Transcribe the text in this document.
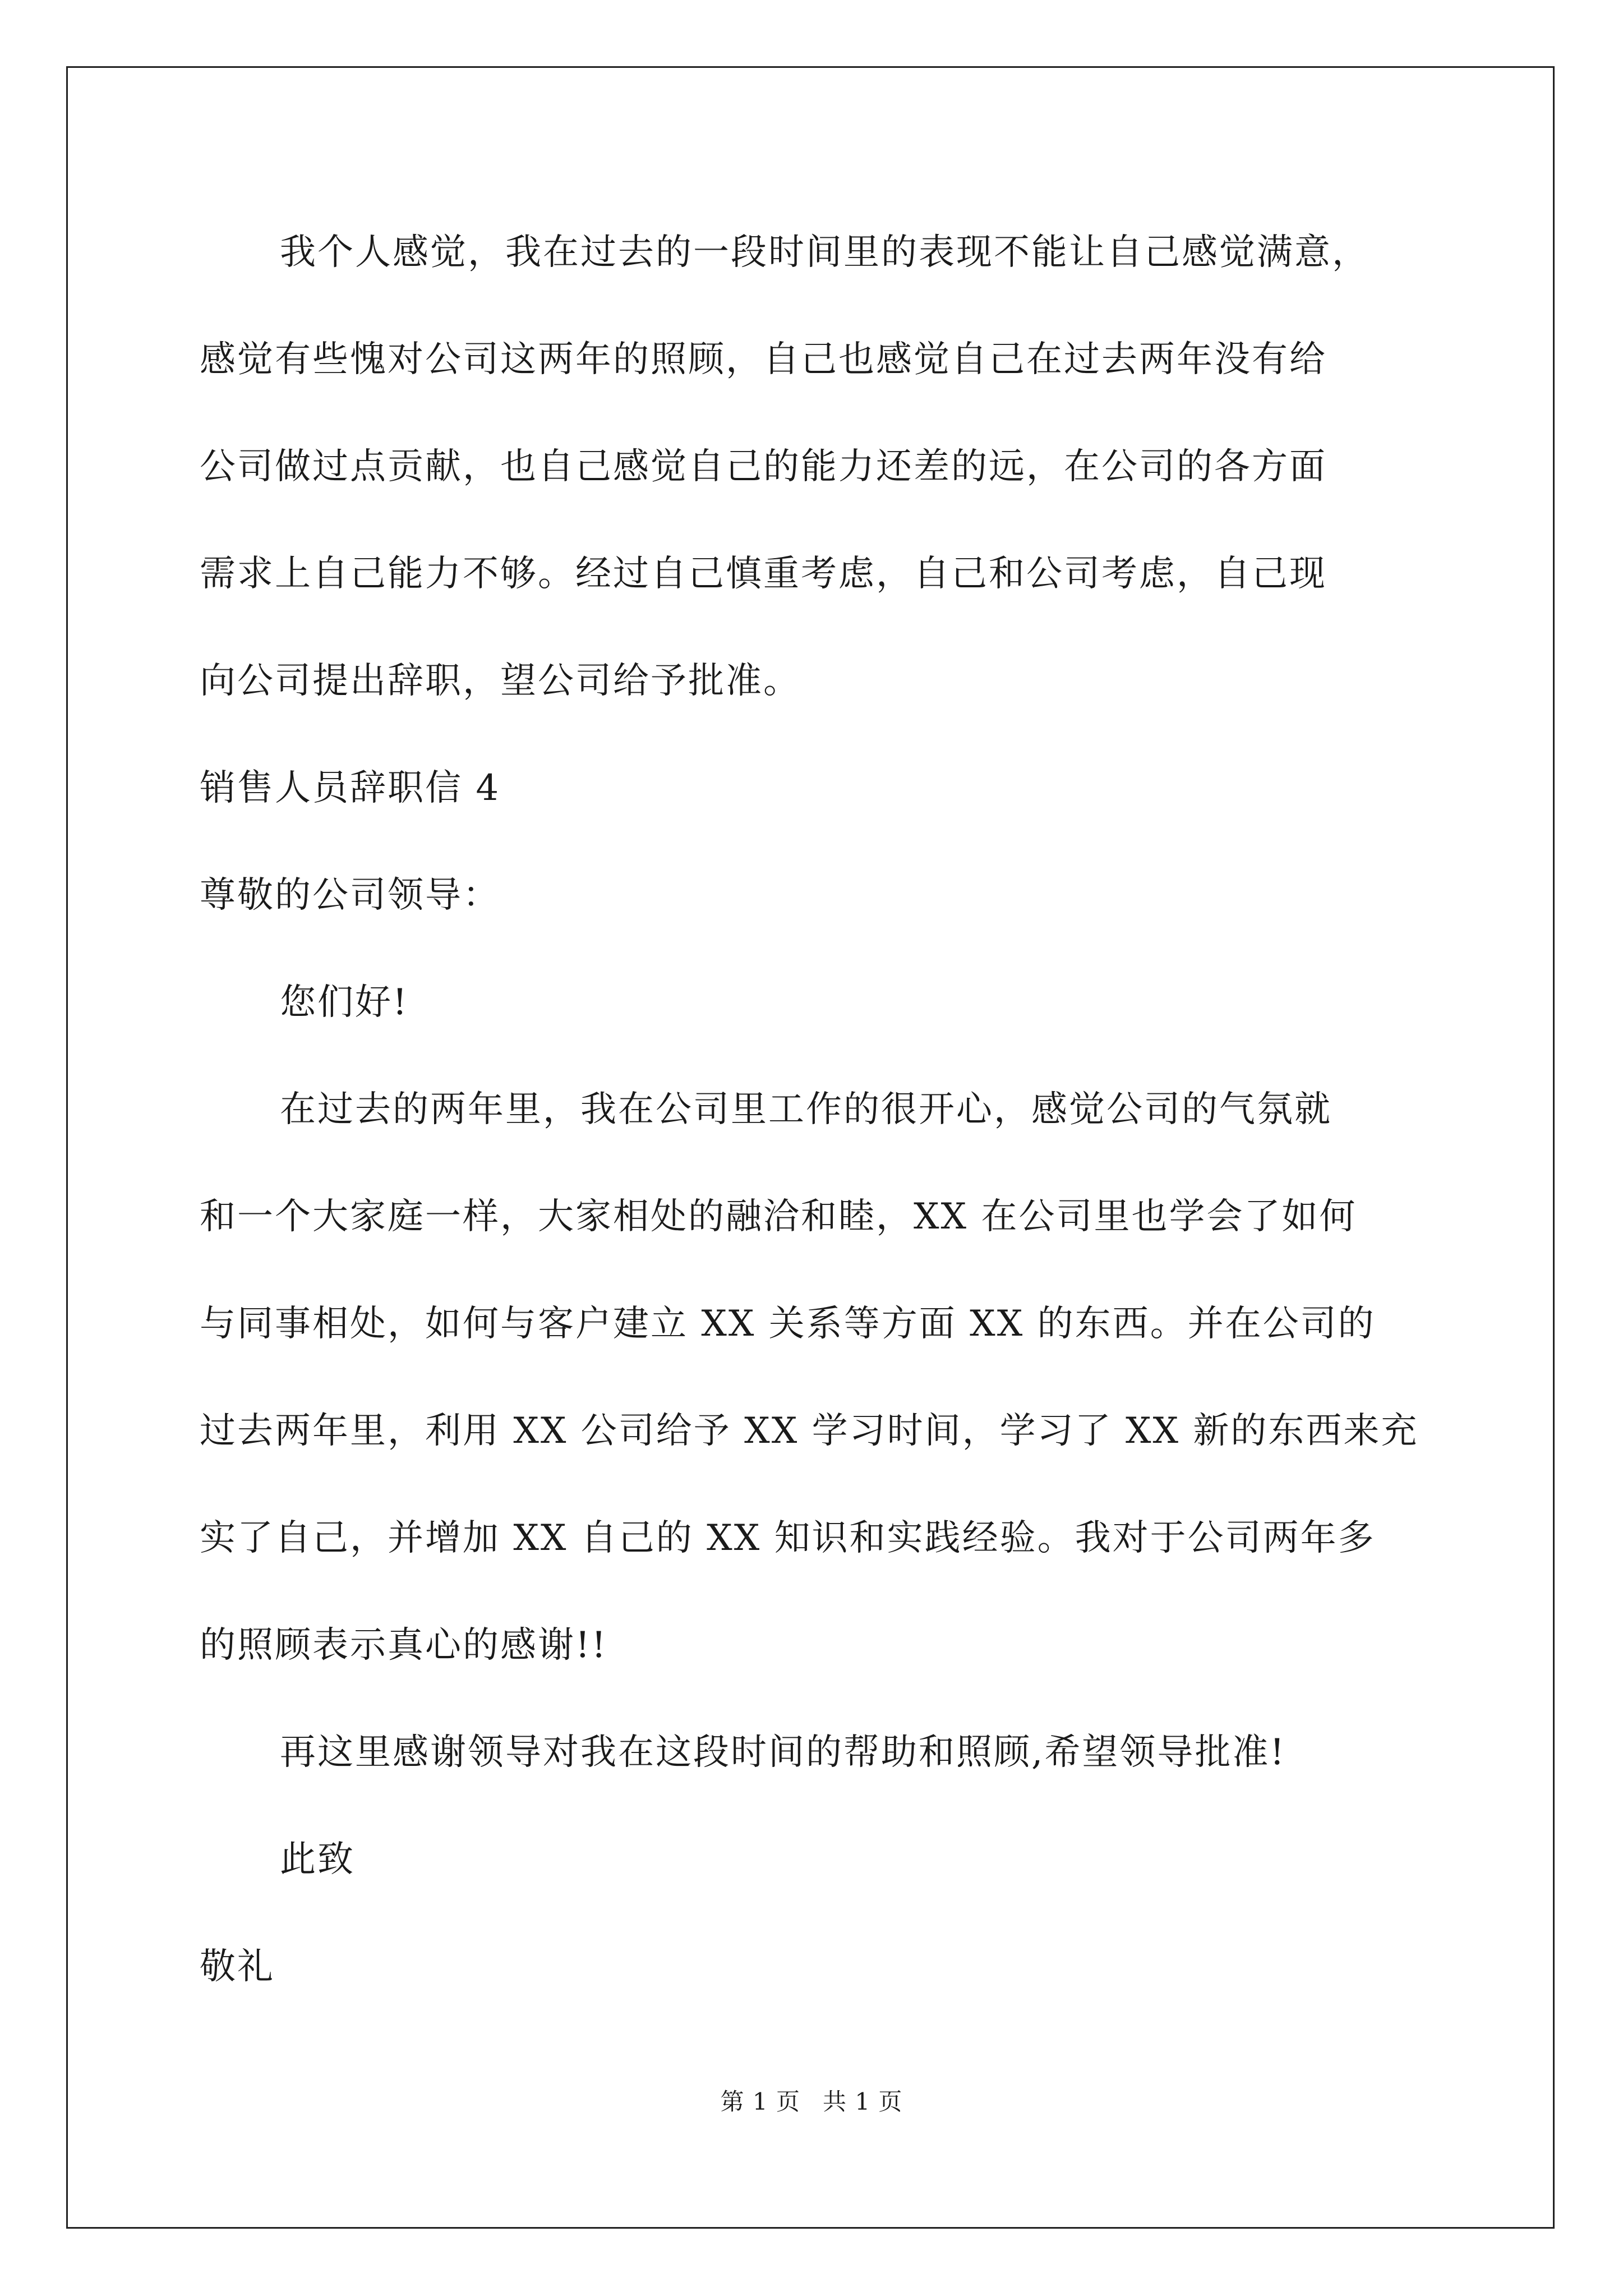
我个人感觉，我在过去的一段时间里的表现不能让自己感觉满意，
感觉有些愧对公司这两年的照顾，自己也感觉自己在过去两年没有给
公司做过点贡献，也自己感觉自己的能力还差的远，在公司的各方面
需求上自己能力不够。经过自己慎重考虑，自己和公司考虑，自己现
向公司提出辞职，望公司给予批准。
销售人员辞职信 4
尊敬的公司领导：
您们好!
在过去的两年里，我在公司里工作的很开心，感觉公司的气氛就
和一个大家庭一样，大家相处的融洽和睦，XX 在公司里也学会了如何
与同事相处，如何与客户建立 XX 关系等方面 XX 的东西。并在公司的
过去两年里，利用 XX 公司给予 XX 学习时间，学习了 XX 新的东西来充
实了自己，并增加 XX 自己的 XX 知识和实践经验。我对于公司两年多
的照顾表示真心的感谢!!
再这里感谢领导对我在这段时间的帮助和照顾,希望领导批准!
此致
敬礼
第 1 页 共 1 页
